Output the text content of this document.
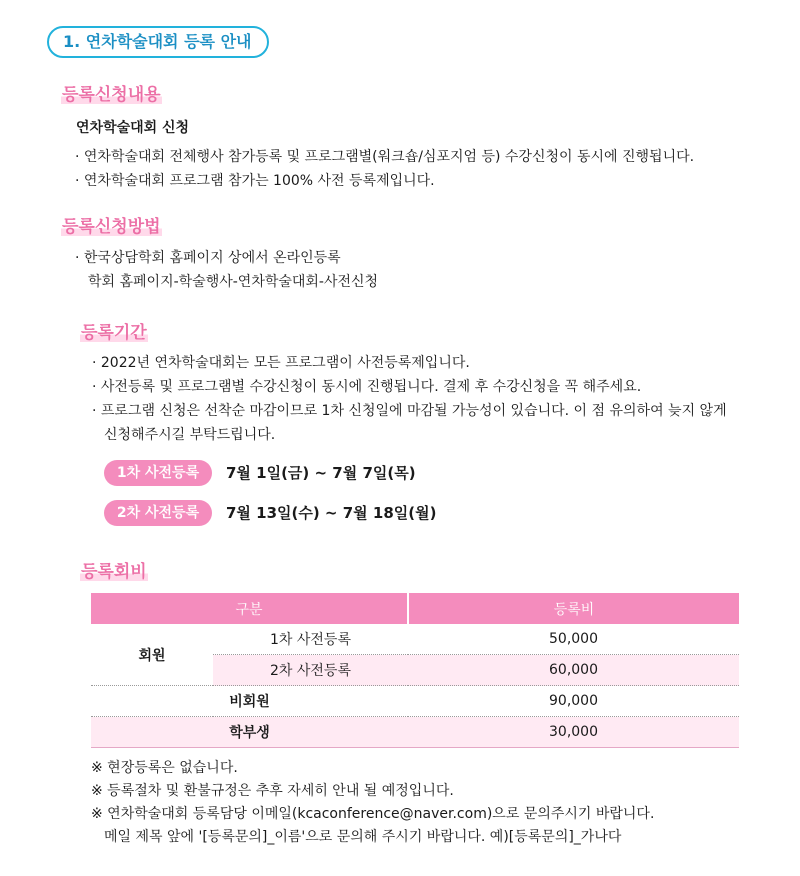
1. 연차학술대회 등록 안내
등록신청내용
연차학술대회 신청
· 연차학술대회 전체행사 참가등록 및 프로그램별(워크숍/심포지엄 등) 수강신청이 동시에 진행됩니다.
· 연차학술대회 프로그램 참가는 100% 사전 등록제입니다.
등록신청방법
· 한국상담학회 홈페이지 상에서 온라인등록
학회 홈페이지-학술행사-연차학술대회-사전신청
등록기간
· 2022년 연차학술대회는 모든 프로그램이 사전등록제입니다.
· 사전등록 및 프로그램별 수강신청이 동시에 진행됩니다. 결제 후 수강신청을 꼭 해주세요.
· 프로그램 신청은 선착순 마감이므로 1차 신청일에 마감될 가능성이 있습니다. 이 점 유의하여 늦지 않게
신청해주시길 부탁드립니다.
1차 사전등록	7월 1일(금) ~ 7월 7일(목)
2차 사전등록	7월 13일(수) ~ 7월 18일(월)
등록회비
구분		등록비
회원	1차 사전등록	50,000
	2차 사전등록	60,000
비회원		90,000
학부생		30,000
※ 현장등록은 없습니다.
※ 등록절차 및 환불규정은 추후 자세히 안내 될 예정입니다.
※ 연차학술대회 등록담당 이메일(kcaconference@naver.com)으로 문의주시기 바랍니다.
메일 제목 앞에 '[등록문의]_이름'으로 문의해 주시기 바랍니다. 예)[등록문의]_가나다
